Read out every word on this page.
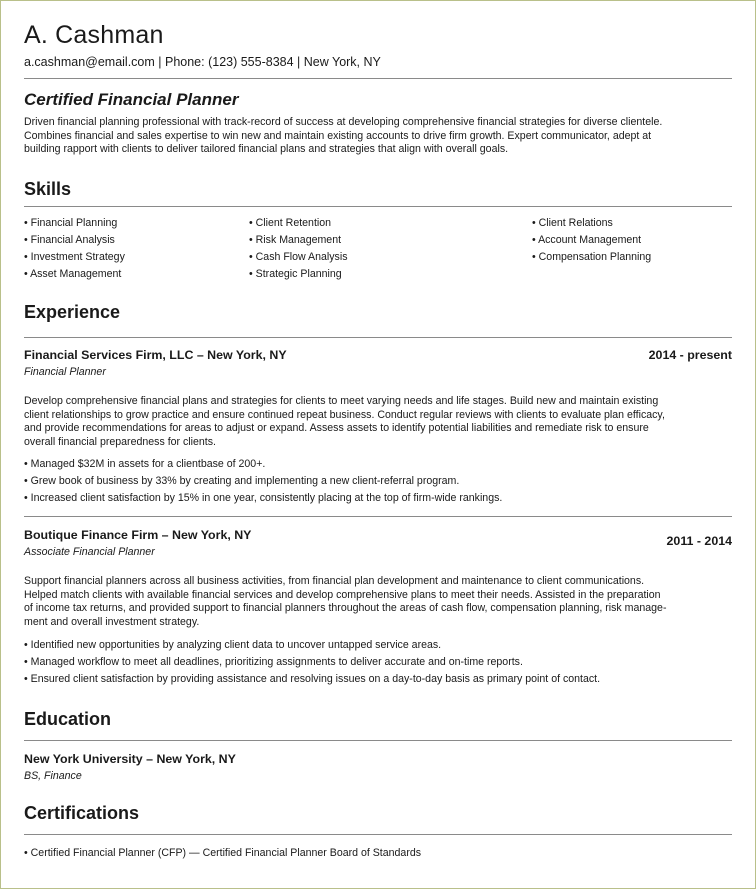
A. Cashman
a.cashman@email.com | Phone: (123) 555-8384 | New York, NY
Certified Financial Planner

Driven financial planning professional with track-record of success at developing comprehensive financial strategies for diverse clientele.

Combines financial and sales expertise to win new and maintain existing accounts to drive firm growth. Expert communicator, adept at

building rapport with clients to deliver tailored financial plans and strategies that align with overall goals.

Skills
• Financial Planning
• Financial Analysis
• Investment Strategy
• Asset Management
• Client Retention
• Risk Management
• Cash Flow Analysis
• Strategic Planning
• Client Relations
• Account Management
• Compensation Planning
Experience
Financial Services Firm, LLC – New York, NY	2014 - present
Financial Planner

Develop comprehensive financial plans and strategies for clients to meet varying needs and life stages. Build new and maintain existing

client relationships to grow practice and ensure continued repeat business. Conduct regular reviews with clients to evaluate plan efficacy,

and provide recommendations for areas to adjust or expand. Assess assets to identify potential liabilities and remediate risk to ensure

overall financial preparedness for clients.

• Managed $32M in assets for a clientbase of 200+.
• Grew book of business by 33% by creating and implementing a new client-referral program.
• Increased client satisfaction by 15% in one year, consistently placing at the top of firm-wide rankings.
Boutique Finance Firm – New York, NY	2011 - 2014
Associate Financial Planner

Support financial planners across all business activities, from financial plan development and maintenance to client communications.

Helped match clients with available financial services and develop comprehensive plans to meet their needs. Assisted in the preparation

of income tax returns, and provided support to financial planners throughout the areas of cash flow, compensation planning, risk manage-

ment and overall investment strategy.

• Identified new opportunities by analyzing client data to uncover untapped service areas.
• Managed workflow to meet all deadlines, prioritizing assignments to deliver accurate and on-time reports.
• Ensured client satisfaction by providing assistance and resolving issues on a day-to-day basis as primary point of contact.
Education
New York University – New York, NY
BS, Finance
Certifications
• Certified Financial Planner (CFP) — Certified Financial Planner Board of Standards
